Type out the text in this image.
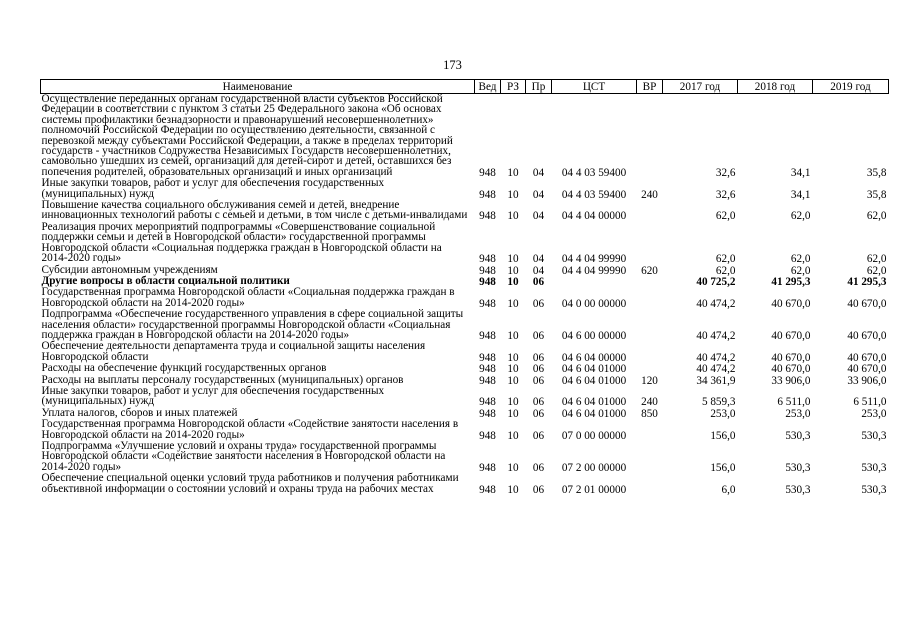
173
Наименование	Вед	РЗ	Пр	ЦСТ	ВР	2017 год	2018 год	2019 год
Осуществление переданных органам государственной власти субъектов Российской Федерации в соответствии с пунктом 3 статьи 25 Федерального закона «Об основах системы профилактики безнадзорности и правонарушений несовершеннолетних» полномочий Российской Федерации по осуществлению деятельности, связанной с перевозкой между субъектами Российской Федерации, а также в пределах территорий государств - участников Содружества Независимых Государств несовершеннолетних, самовольно ушедших из семей, организаций для детей-сирот и детей, оставшихся без попечения родителей, образовательных организаций и иных организаций	948	10	04	04 4 03 59400		32,6	34,1	35,8
Иные закупки товаров, работ и услуг для обеспечения государственных (муниципальных) нужд	948	10	04	04 4 03 59400	240	32,6	34,1	35,8
Повышение качества социального обслуживания семей и детей, внедрение инновационных технологий работы с семьей и детьми, в том числе с детьми-инвалидами	948	10	04	04 4 04 00000		62,0	62,0	62,0
Реализация прочих мероприятий подпрограммы «Совершенствование социальной поддержки семьи и детей в Новгородской области» государственной программы Новгородской области «Социальная поддержка граждан в Новгородской области на 2014-2020 годы»	948	10	04	04 4 04 99990		62,0	62,0	62,0
Субсидии автономным учреждениям	948	10	04	04 4 04 99990	620	62,0	62,0	62,0
Другие вопросы в области социальной политики	948	10	06			40 725,2	41 295,3	41 295,3
Государственная программа Новгородской области «Социальная поддержка граждан в Новгородской области на 2014-2020 годы»	948	10	06	04 0 00 00000		40 474,2	40 670,0	40 670,0
Подпрограмма «Обеспечение государственного управления в сфере социальной защиты населения области» государственной программы Новгородской области «Социальная поддержка граждан в Новгородской области на 2014-2020 годы»	948	10	06	04 6 00 00000		40 474,2	40 670,0	40 670,0
Обеспечение деятельности департамента труда и социальной защиты населения Новгородской области	948	10	06	04 6 04 00000		40 474,2	40 670,0	40 670,0
Расходы на обеспечение функций государственных органов	948	10	06	04 6 04 01000		40 474,2	40 670,0	40 670,0
Расходы на выплаты персоналу государственных (муниципальных) органов	948	10	06	04 6 04 01000	120	34 361,9	33 906,0	33 906,0
Иные закупки товаров, работ и услуг для обеспечения государственных (муниципальных) нужд	948	10	06	04 6 04 01000	240	5 859,3	6 511,0	6 511,0
Уплата налогов, сборов и иных платежей	948	10	06	04 6 04 01000	850	253,0	253,0	253,0
Государственная программа Новгородской области «Содействие занятости населения в Новгородской области на 2014-2020 годы»	948	10	06	07 0 00 00000		156,0	530,3	530,3
Подпрограмма «Улучшение условий и охраны труда» государственной программы Новгородской области «Содействие занятости населения в Новгородской области на 2014-2020 годы»	948	10	06	07 2 00 00000		156,0	530,3	530,3
Обеспечение специальной оценки условий труда работников и получения работниками объективной информации о состоянии условий и охраны труда на рабочих местах	948	10	06	07 2 01 00000		6,0	530,3	530,3
